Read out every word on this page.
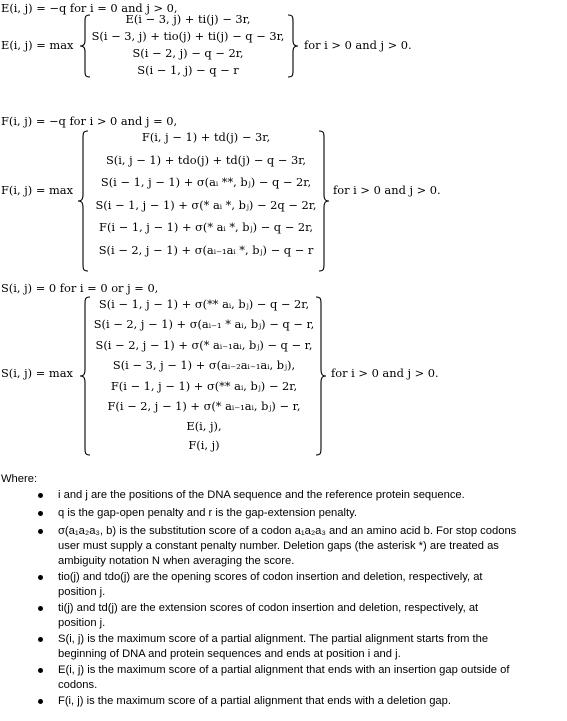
E(i, j) = −q for i = 0 and j > 0,
E(i, j) = max
E(i − 3, j) + ti(j) − 3r,
S(i − 3, j) + tio(j) + ti(j) − q − 3r,
S(i − 2, j) − q − 2r,
S(i − 1, j) − q − r
for i > 0 and j > 0.
F(i, j) = −q for i > 0 and j = 0,
F(i, j) = max
F(i, j − 1) + td(j) − 3r,
S(i, j − 1) + tdo(j) + td(j) − q − 3r,
S(i − 1, j − 1) + σ(aᵢ **, bⱼ) − q − 2r,
S(i − 1, j − 1) + σ(* aᵢ *, bⱼ) − 2q − 2r,
F(i − 1, j − 1) + σ(* aᵢ *, bⱼ) − q − 2r,
S(i − 2, j − 1) + σ(aᵢ₋₁aᵢ *, bⱼ) − q − r
for i > 0 and j > 0.
S(i, j) = 0 for i = 0 or j = 0,
S(i, j) = max
S(i − 1, j − 1) + σ(** aᵢ, bⱼ) − q − 2r,
S(i − 2, j − 1) + σ(aᵢ₋₁ * aᵢ, bⱼ) − q − r,
S(i − 2, j − 1) + σ(* aᵢ₋₁aᵢ, bⱼ) − q − r,
S(i − 3, j − 1) + σ(aᵢ₋₂aᵢ₋₁aᵢ, bⱼ),
F(i − 1, j − 1) + σ(** aᵢ, bⱼ) − 2r,
F(i − 2, j − 1) + σ(* aᵢ₋₁aᵢ, bⱼ) − r,
E(i, j),
F(i, j)
for i > 0 and j > 0.
Where:
i and j are the positions of the DNA sequence and the reference protein sequence.
q is the gap-open penalty and r is the gap-extension penalty.
σ(a₁a₂a₃, b) is the substitution score of a codon a₁a₂a₃ and an amino acid b. For stop codons
user must supply a constant penalty number. Deletion gaps (the asterisk *) are treated as
ambiguity notation N when averaging the score.
tio(j) and tdo(j) are the opening scores of codon insertion and deletion, respectively, at
position j.
ti(j) and td(j) are the extension scores of codon insertion and deletion, respectively, at
position j.
S(i, j) is the maximum score of a partial alignment. The partial alignment starts from the
beginning of DNA and protein sequences and ends at position i and j.
E(i, j) is the maximum score of a partial alignment that ends with an insertion gap outside of
codons.
F(i, j) is the maximum score of a partial alignment that ends with a deletion gap.
